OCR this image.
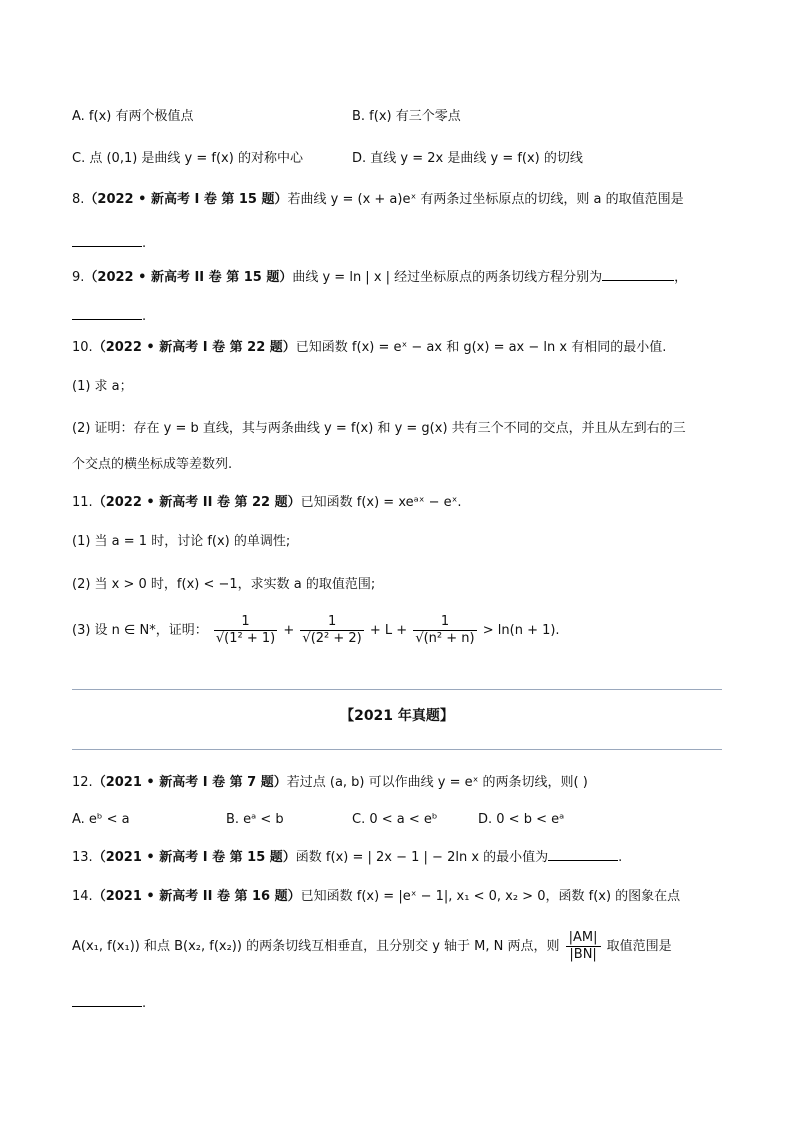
A. f(x) 有两个极值点	B. f(x) 有三个零点
C. 点 (0,1) 是曲线 y = f(x) 的对称中心	D. 直线 y = 2x 是曲线 y = f(x) 的切线
8.（2022 • 新高考 I 卷 第 15 题）若曲线 y = (x + a)eˣ 有两条过坐标原点的切线，则 a 的取值范围是
.
9.（2022 • 新高考 II 卷 第 15 题）曲线 y = ln | x | 经过坐标原点的两条切线方程分别为	，
.
10.（2022 • 新高考 I 卷 第 22 题）已知函数 f(x) = eˣ − ax 和 g(x) = ax − ln x 有相同的最小值.
(1) 求 a；
(2) 证明：存在 y = b 直线，其与两条曲线 y = f(x) 和 y = g(x) 共有三个不同的交点，并且从左到右的三
个交点的横坐标成等差数列.
11.（2022 • 新高考 II 卷 第 22 题）已知函数 f(x) = xeᵃˣ − eˣ.
(1) 当 a = 1 时，讨论 f(x) 的单调性;
(2) 当 x > 0 时，f(x) < −1，求实数 a 的取值范围;
(3) 设 n ∈ N*，证明： $\frac{1}{\text{√(1² + 1)}} + \frac{1}{\text{√(2² + 2)}} + L + \frac{1}{\text{√(n² + n)}} > \ln(n + 1)$.
【2021 年真题】
12.（2021 • 新高考 I 卷 第 7 题）若过点 (a, b) 可以作曲线 y = eˣ 的两条切线，则( )
A. eᵇ < a	B. eᵃ < b	C. 0 < a < eᵇ	D. 0 < b < eᵃ
13.（2021 • 新高考 I 卷 第 15 题）函数 f(x) = | 2x − 1 | − 2ln x 的最小值为	.
14.（2021 • 新高考 II 卷 第 16 题）已知函数 f(x) = |eˣ − 1|, x₁ < 0, x₂ > 0，函数 f(x) 的图象在点
A(x₁, f(x₁)) 和点 B(x₂, f(x₂)) 的两条切线互相垂直，且分别交 y 轴于 M, N 两点，则 $\frac{|AM|}{|BN|}$ 取值范围是
.
